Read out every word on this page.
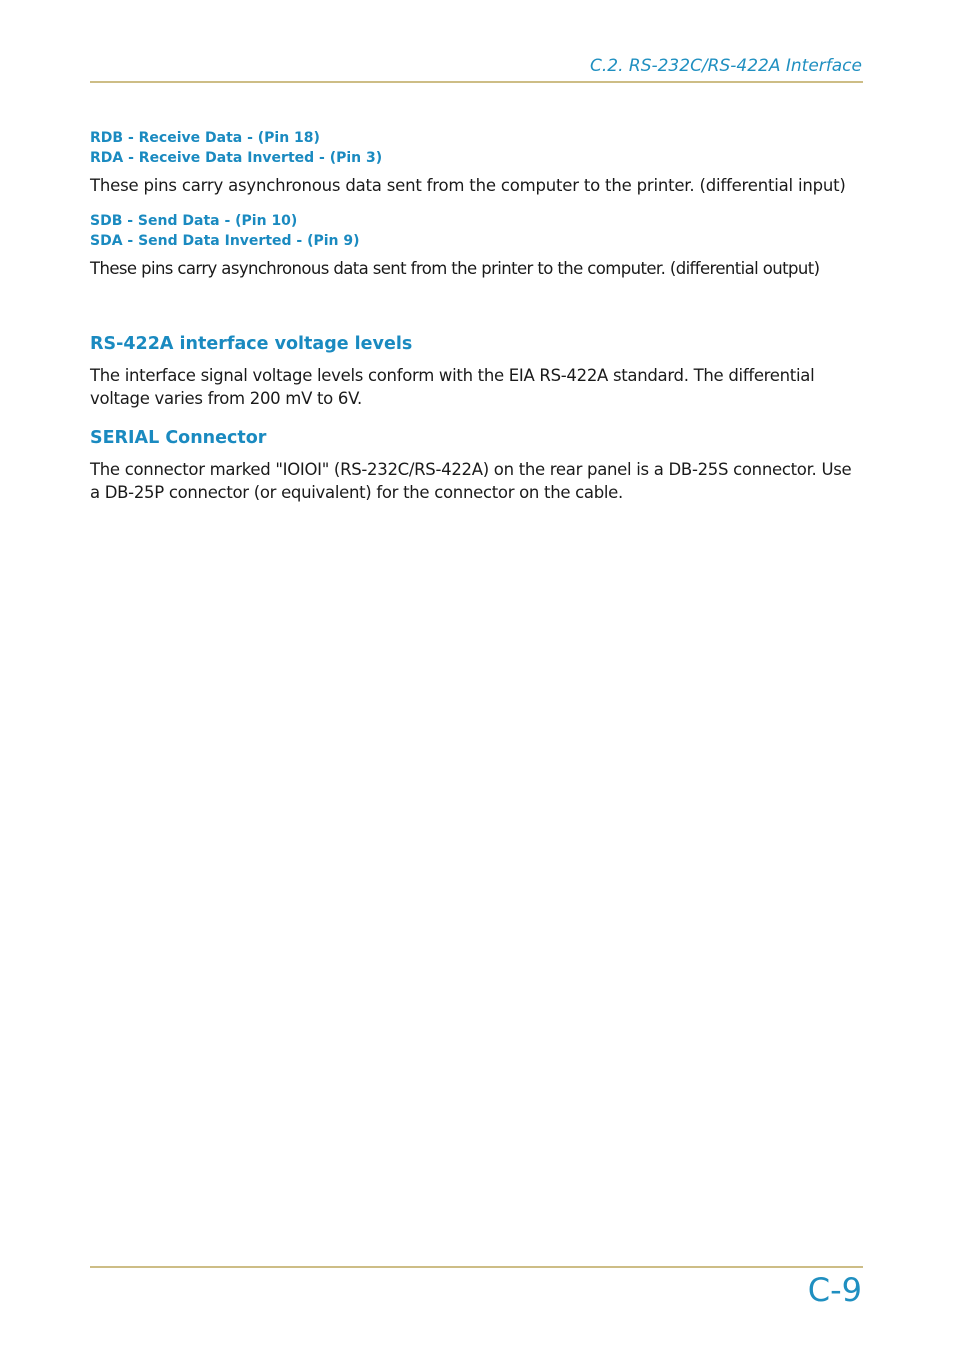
C.2. RS-232C/RS-422A Interface

RDB - Receive Data - (Pin 18)

RDA - Receive Data Inverted - (Pin 3)

These pins carry asynchronous data sent from the computer to the printer. (differential input)

SDB - Send Data - (Pin 10)

SDA - Send Data Inverted - (Pin 9)

These pins carry asynchronous data sent from the printer to the computer. (differential output)

RS-422A interface voltage levels

The interface signal voltage levels conform with the EIA RS-422A standard. The differential voltage varies from 200 mV to 6V.

SERIAL Connector

The connector marked "IOIOI" (RS-232C/RS-422A) on the rear panel is a DB-25S connector. Use a DB-25P connector (or equivalent) for the connector on the cable.

C-9
